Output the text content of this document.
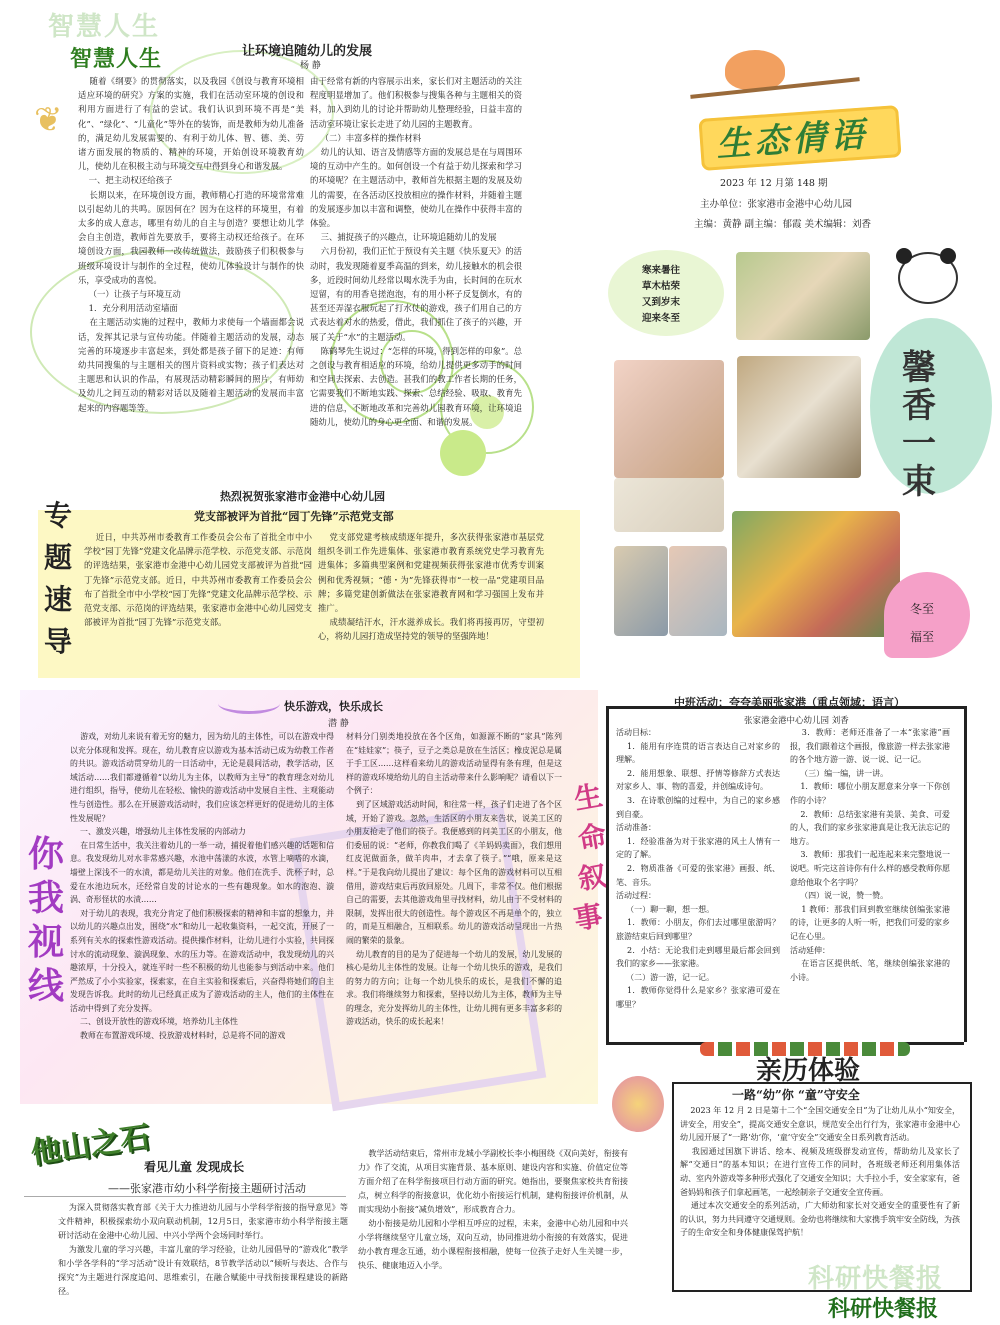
❦
智慧人生
智慧人生	让环境追随幼儿的发展
杨 静
随着《纲要》的贯彻落实，以及我园《创设与教育环境相适应环境的研究》方案的实施，我们在活动室环境的创设和利用方面进行了有益的尝试。我们认识到环境不再是“美化”、“绿化”、“儿童化”等外在的装饰，而是教师为幼儿准备的，满足幼儿发展需要的、有利于幼儿体、智、德、美、劳诸方面发展的物质的、精神的环境，开始创设环境教育幼儿，使幼儿在积极主动与环境交互中得到身心和谐发展。
一、把主动权还给孩子
长期以来，在环境创设方面，教师精心打造的环境常常难以引起幼儿的共鸣。原因何在？因为在这样的环境里，有着太多的成人意志，哪里有幼儿的自主与创造？要想让幼儿学会自主创造，教师首先要放手，要将主动权还给孩子。在环境创设方面，我园教师一改传统做法，鼓励孩子们积极参与班级环境设计与制作的全过程，使幼儿体验设计与制作的快乐，享受成功的喜悦。
（一）让孩子与环境互动
1．充分利用活动室墙面
在主题活动实施的过程中，教师力求使每一个墙面都会说话，发挥其记录与宣传功能。伴随着主题活动的发展，动态完善的环境逐步丰富起来，到处都是孩子留下的足迹：有师幼共同搜集的与主题相关的图片资料或实物；孩子们表达对主题思和认识的作品，有展现活动精彩瞬间的照片，有师幼及幼儿之间互动的精彩对话以及随着主题活动的发展而丰富起来的内容题等等。
由于经常有新的内容展示出来，家长们对主题活动的关注程度明显增加了。他们积极参与搜集各种与主题相关的资料，加入到幼儿的讨论并帮助幼儿整理经验，日益丰富的活动室环境让家长走进了幼儿园的主题教育。
（二）丰富多样的操作材料
幼儿的认知、语言及情感等方面的发展总是在与周围环境的互动中产生的。如何创设一个有益于幼儿探索和学习的环境呢？在主题活动中，教师首先根据主题的发展及幼儿的需要，在各活动区投放相应的操作材料，并随着主题的发展逐步加以丰富和调整，使幼儿在操作中获得丰富的体验。
三、捕捉孩子的兴趣点，让环境追随幼儿的发展
六月份初，我们正忙于预设有关主题《快乐夏天》的活动时，我发现随着夏季高温的到来，幼儿接触水的机会很多，近段时间幼儿经常以喝水洗手为由，长时间的在玩水逗留，有的用香皂搓泡泡，有的用小杯子反复倒水，有的甚至还弄湿衣服玩起了打水仗的游戏，孩子们用自己的方式表达着对水的热爱，借此，我们抓住了孩子的兴趣，开展了关于“水”的主题活动。
陈鹤琴先生说过：“怎样的环境，得到怎样的印象”。总之创设与教育相适应的环境，给幼儿提供更多动手的时间和空间去探索、去创造。甚我们的教工作者长期的任务，它需要我们不断地实践、探索、总结经验、吸取、教育先进的信息，不断地改革和完善幼儿园教育环境，让环境追随幼儿，使幼儿的身心更全面、和谐的发展。
生态倩语
2023 年 12 月第 148 期
主办单位：张家港市金港中心幼儿园
主编：黄静 副主编：郁霞 美术编辑：刘香
寒来暑往
草木枯荣
又到岁末
迎来冬至
馨
香
一
束
冬至
福至
专
题
速
导
热烈祝贺张家港市金港中心幼儿园
党支部被评为首批“园丁先锋”示范党支部
近日，中共苏州市委教育工作委员会公布了首批全市中小学校“园丁先锋”党建文化品牌示范学校、示范党支部、示范岗的评选结果，张家港市金港中心幼儿园党支部被评为首批“园丁先锋”示范党支部。近日，中共苏州市委教育工作委员会公布了首批全市中小学校“园丁先锋”党建文化品牌示范学校、示范党支部、示范岗的评选结果，张家港市金港中心幼儿园党支部被评为首批“园丁先锋”示范党支部。
党支部党建考核成绩逐年提升，多次获得张家港市基层党组织冬训工作先进集体、张家港市教育系统党史学习教育先进集体；多篇典型案例和党建视频获得张家港市优秀专训案例和优秀视频；“德・为”先锋获得市“一校一品”党建项目品牌；多篇党建创新做法在张家港教育网和学习强国上发布并推广。
成绩凝结汗水，汗水滋养成长。我们将再接再厉，守望初心，将幼儿园打造成坚持党的领导的坚强阵地！
你
我
视
线
快乐游戏，快乐成长
潜 静
游戏，对幼儿来说有着无穷的魅力，因为幼儿的主体性，可以在游戏中得以充分体现和发挥。现在，幼儿教育应以游戏为基本活动已成为幼教工作者的共识。游戏活动贯穿幼儿的一日活动中，无论是晨间活动，教学活动，区域活动……我们都遵循着“以幼儿为主体，以教师为主导”的教育理念对幼儿进行组织，指导，使幼儿在轻松、愉快的游戏活动中发展自主性、主观能动性与创造性。那么在开展游戏活动时，我们应该怎样更好的促进幼儿的主体性发展呢？
一、激发兴趣，增强幼儿主体性发展的内部动力
在日常生活中，我关注着幼儿的一举一动，捕捉着他们感兴趣的话题和信息。我发现幼儿对水非常感兴趣，水池中荡漾的水波，水管上嘀嗒的水滴，墙壁上深浅不一的水渍，都是幼儿关注的对象。他们在洗手、洗杯子时，总爱在水池边玩水，还经常自发的讨论水的一些有趣现象。如水的泡泡、漩涡、奇形怪状的水渍……
对于幼儿的表现，我充分肯定了他们积极探索的精神和丰富的想象力，并以幼儿的兴趣点出发，围绕“水”和幼儿一起收集资料，一起交流，开展了一系列有关水的探索性游戏活动。提供操作材料，让幼儿进行小实验，共同探讨水的流动现象、漩涡现象、水的压力等。在游戏活动中，我发现幼儿的兴趣浓厚，十分投入，就连平时一些不积极的幼儿也能参与到活动中来。他们严然成了小小实验家，探索家，在自主实验和探索后，兴奋得将她们的自主发现告诉我。此时的幼儿已经真正成为了游戏活动的主人，他们的主体性在活动中得到了充分发挥。
二、创设开放性的游戏环境，培养幼儿主体性
教师在布置游戏环境、投放游戏材料时，总是将不同的游戏
材料分门别类地投放在各个区角，如源源不断的“家具”陈列在“娃娃家”；筷子，豆子之类总是放在生活区；橡皮泥总是属于手工区……这样看来幼儿的游戏活动显得有条有理，但是这样的游戏环境给幼儿的自主活动带来什么影响呢？请看以下一个例子：
到了区域游戏活动时间，和往常一样，孩子们走进了各个区域，开始了游戏。忽然，生活区的小朋友来告状，说美工区的小朋友抢走了他们的筷子。我便感到的问美工区的小朋友，他们委屈的说：“老师，你教我们喝了《羊妈妈卖面》，我们想用红皮泥做面条，做羊肉串，才去拿了筷子。”“哦，原来是这样。”于是我向幼儿提出了建议：每个区角的游戏材料可以互相借用，游戏结束后再放回原处。几周下，非常不仅。他们根据自己的需要，去其他游戏角里寻找材料，幼儿由于不受材料的限制，发挥出很大的创造性。每个游戏区不再是单个的，独立的，而是互相融合，互相联系。幼儿的游戏活动呈现出一片热闹的繁荣的景象。
幼儿教育的目的是为了促进每一个幼儿的发展，幼儿发展的核心是幼儿主体性的发展。让每一个幼儿快乐的游戏，是我们的努力的方向；让每一个幼儿快乐的成长，是我们不懈的追求。我们将继续努力和探索，坚持以幼儿为主体，教师为主导的理念，充分发挥幼儿的主体性，让幼儿拥有更多丰富多彩的游戏活动，快乐的成长起来！
生
命
叙
事
中班活动：夸夸美丽张家港（重点领域：语言）
张家港金港中心幼儿园 刘香
活动目标：
1．能用有序连贯的语言表达自己对家乡的理解。
2．能用想象、联想、抒情等修辞方式表达对家乡人、事、物的喜爱，并创编成诗句。
3．在诗歌创编的过程中，为自己的家乡感到自豪。
活动准备：
1．经验准备为对于张家港的风土人情有一定的了解。
2．物质准备《可爱的张家港》画报、纸、笔、音乐。
活动过程：
（一）聊一聊，想一想。
1．教师：小朋友，你们去过哪里旅游吗？旅游结束后回到哪里？
2．小结：无论我们走到哪里最后都会回到我们的家乡——张家港。
（二）游一游，记一记。
1．教师你觉得什么是家乡？张家港可爱在哪里？
3．教师：老师还准备了一本“张家港”画报，我们跟着这个画报，像旅游一样去张家港的各个地方游一游、说一说、记一记。
（三）编一编，讲一讲。
1．教师：哪位小朋友愿意来分享一下你创作的小诗？
2．教师：总结张家港有美景、美食、可爱的人，我们的家乡张家港真是让我无法忘记的地方。
3．教师：那我们一起连起来来完整地说一说吧。听完这首诗你有什么样的感受教师你愿意给他取个名字吗？
（四）说一说，赞一赞。
1 教师：那我们回到教室继续创编张家港的诗，让更多的人听一听，把我们可爱的家乡记在心里。
活动延伸：
在语言区提供纸、笔，继续创编张家港的小诗。
亲历体验
一路“幼”你 “童”守安全
2023 年 12 月 2 日是第十二个“全国交通安全日”为了让幼儿从小“知安全，讲安全，用安全”，提高交通安全意识，规范安全出行行为，张家港市金港中心幼儿园开展了“一路‘幼’你，‘童’守安全”交通安全日系列教育活动。
我园通过国旗下讲话、绘本、视频及班级群发动宣传，帮助幼儿及家长了解“交通日”的基本知识；在进行宣传工作的同时，各班级老师还利用集体活动、室内外游戏等多种形式强化了交通安全知识；大手拉小手，安全家家有，爸爸妈妈和孩子们拿起画笔，一起绘制亲子交通安全宣传画。
通过本次交通安全的系列活动，广大师幼和家长对交通安全的重要性有了新的认识，努力共同遵守交通规则。金幼也将继续和大家携手筑牢安全防线，为孩子的生命安全和身体健康保驾护航！
科研快餐报
科研快餐报
他山之石
看见儿童 发现成长
——张家港市幼小科学衔接主题研讨活动
为深入贯彻落实教育部《关于大力推进幼儿园与小学科学衔接的指导意见》等文件精神，积极探索幼小双向联动机制，12月5日，张家港市幼小科学衔接主题研讨活动在金港中心幼儿园、中兴小学两个会场同时举行。
为激发儿童的学习兴趣，丰富儿童的学习经验，让幼儿园倡导的“游戏化”教学和小学各学科的“学习活动”设计有效联结，8节教学活动以“倾听与表达、合作与探究”为主题进行深度追问、思维索引，在融合赋能中寻找衔接课程建设的新路径。
教学活动结束后，常州市龙城小学副校长李小梅围绕《双向美好，衔接有力》作了交流，从项目实施背景、基本原则、建设内容和实施、价值定位等方面介绍了在科学衔接项目行动方面的研究。她指出，要聚焦家校共育衔接点，树立科学的衔接意识，优化幼小衔接运行机制，建构衔接评价机制，从而实现幼小衔接“减负增效”，形成教育合力。
幼小衔接是幼儿园和小学相互呼应的过程，未来，金港中心幼儿园和中兴小学将继续坚守儿童立场，双向互动，协同推进幼小衔接的有效落实，促进幼小教育理念互通，幼小课程衔接相融，使每一位孩子走好人生关键一步，快乐、健康地迈入小学。
